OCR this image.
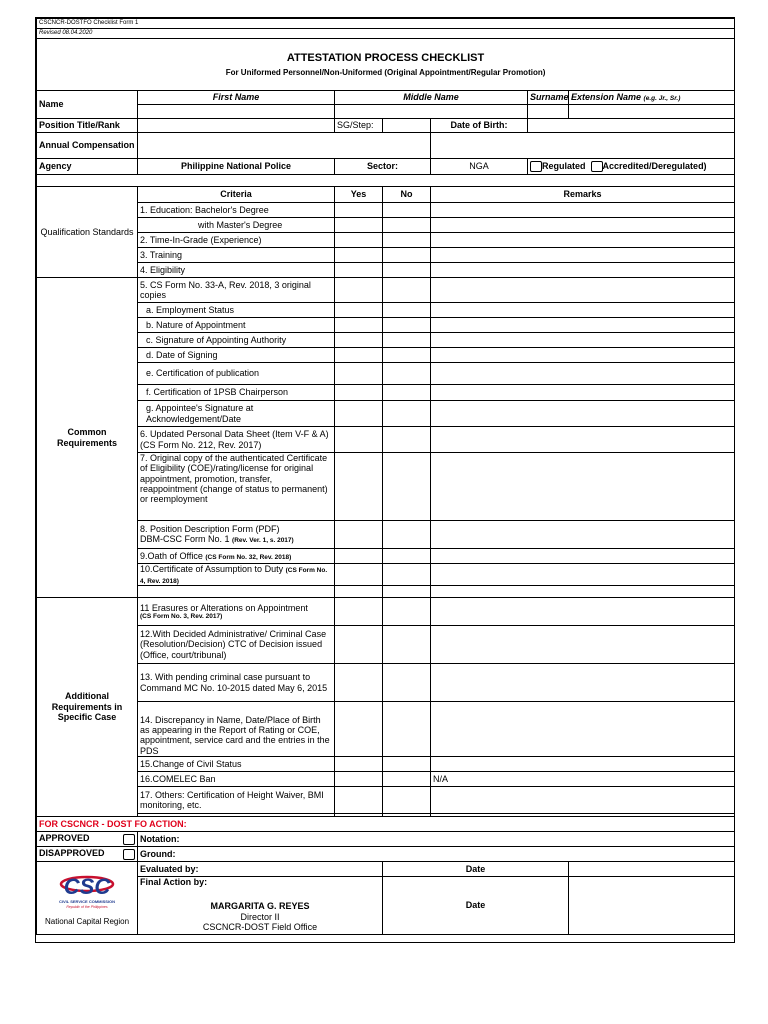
CSCNCR-DOSTFO Checklist Form 1						
Revised 08.04.2020						

ATTESTATION PROCESS CHECKLIST
For Uniformed Personnel/Non-Uniformed (Original Appointment/Regular Promotion)						

Name	First Name	Middle Name			Surname	Extension Name (e.g. Jr., Sr.)

Position Title/Rank		SG/Step:		Date of Birth:		
Annual Compensation						
Agency	Philippine National Police	Sector:		NGA	Regulated Accredited/Deregulated)	

Qualification Standards	Criteria	Yes	No	Remarks		
	1. Education: Bachelor's Degree					
	with Master's Degree					
	2. Time-In-Grade (Experience)					
	3. Training					
	4. Eligibility					
Common Requirements	5. CS Form No. 33-A, Rev. 2018, 3 original copies					
	a. Employment Status					
	b. Nature of Appointment					
	c. Signature of Appointing Authority					
	d. Date of Signing					
	e. Certification of publication					
	f. Certification of 1PSB Chairperson					
	g. Appointee's Signature at Acknowledgement/Date					
	6. Updated Personal Data Sheet (Item V-F & A) (CS Form No. 212, Rev. 2017)					
	7. Original copy of the authenticated Certificate of Eligibility (COE)/rating/license for original appointment, promotion, transfer, reappointment (change of status to permanent) or reemployment					

	8. Position Description Form (PDF)
DBM-CSC Form No. 1 (Rev. Ver. 1, s. 2017)					

	9.Oath of Office (CS Form No. 32, Rev. 2018)					
	10.Certificate of Assumption to Duty (CS Form No. 4, Rev. 2018)					

Additional Requirements in Specific Case	11 Erasures or Alterations on Appointment
(CS Form No. 3, Rev. 2017)					

	12.With Decided Administrative/ Criminal Case (Resolution/Decision) CTC of Decision issued (Office, court/tribunal)					
	13. With pending criminal case pursuant to Command MC No. 10-2015 dated May 6, 2015					
	14. Discrepancy in Name, Date/Place of Birth as appearing in the Report of Rating or COE, appointment, service card and the entries in the PDS					
	15.Change of Civil Status					
	16.COMELEC Ban			N/A		
	17. Others: Certification of Height Waiver, BMI monitoring, etc.					

FOR CSCNCR - DOST FO ACTION:						
APPROVED	Notation:					
DISAPPROVED	Ground:					

CSC
CIVIL SERVICE COMMISSION
Republic of the Philippines
National Capital Region	Evaluated by:		Date			

	Final Action by:
MARGARITA G. REYES
Director II
CSCNCR-DOST Field Office		Date			
